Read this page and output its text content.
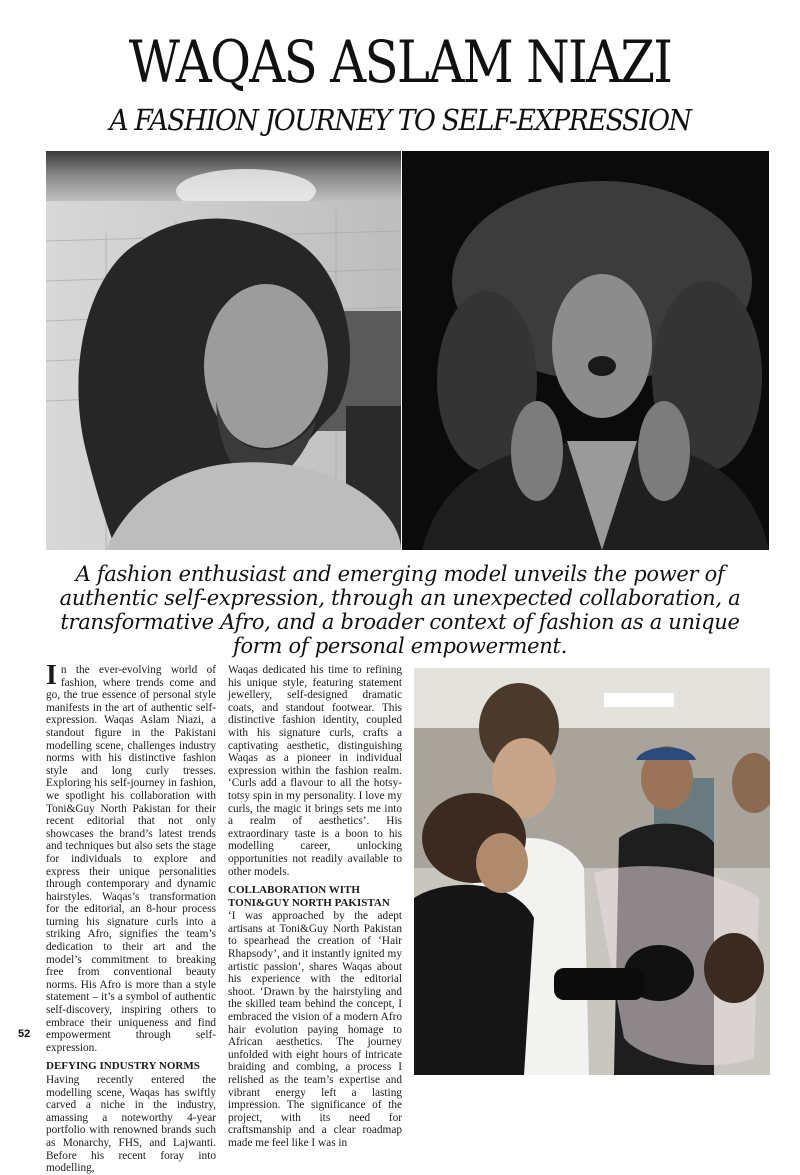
WAQAS ASLAM NIAZI
A FASHION JOURNEY TO SELF-EXPRESSION
A fashion enthusiast and emerging model unveils the power of authentic self-expression, through an unexpected collaboration, a transformative Afro, and a broader context of fashion as a unique form of personal empowerment.

In the ever-evolving world of fashion, where trends come and go, the true essence of personal style manifests in the art of authentic self-expression. Waqas Aslam Niazi, a standout figure in the Pakistani modelling scene, challenges industry norms with his distinctive fashion style and long curly tresses. Exploring his self-journey in fashion, we spotlight his collaboration with Toni&Guy North Pakistan for their recent editorial that not only showcases the brand’s latest trends and techniques but also sets the stage for individuals to explore and express their unique personalities through contemporary and dynamic hairstyles. Waqas’s transformation for the editorial, an 8-hour process turning his signature curls into a striking Afro, signifies the team’s dedication to their art and the model’s commitment to breaking free from conventional beauty norms. His Afro is more than a style statement – it’s a symbol of authentic self-discovery, inspiring others to embrace their uniqueness and find empowerment through self-expression.

DEFYING INDUSTRY NORMS

Having recently entered the modelling scene, Waqas has swiftly carved a niche in the industry, amassing a noteworthy 4-year portfolio with renowned brands such as Monarchy, FHS, and Lajwanti. Before his recent foray into modelling,

Waqas dedicated his time to refining his unique style, featuring statement jewellery, self-designed dramatic coats, and standout footwear. This distinctive fashion identity, coupled with his signature curls, crafts a captivating aesthetic, distinguishing Waqas as a pioneer in individual expression within the fashion realm. ‘Curls add a flavour to all the hotsy-totsy spin in my personality. I love my curls, the magic it brings sets me into a realm of aesthetics’. His extraordinary taste is a boon to his modelling career, unlocking opportunities not readily available to other models.

COLLABORATION WITH
TONI&GUY NORTH PAKISTAN

‘I was approached by the adept artisans at Toni&Guy North Pakistan to spearhead the creation of ‘Hair Rhapsody’, and it instantly ignited my artistic passion’, shares Waqas about his experience with the editorial shoot. ‘Drawn by the hairstyling and the skilled team behind the concept, I embraced the vision of a modern Afro hair evolution paying homage to African aesthetics. The journey unfolded with eight hours of intricate braiding and combing, a process I relished as the team’s expertise and vibrant energy left a lasting impression. The significance of the project, with its need for craftsmanship and a clear roadmap made me feel like I was in

52
